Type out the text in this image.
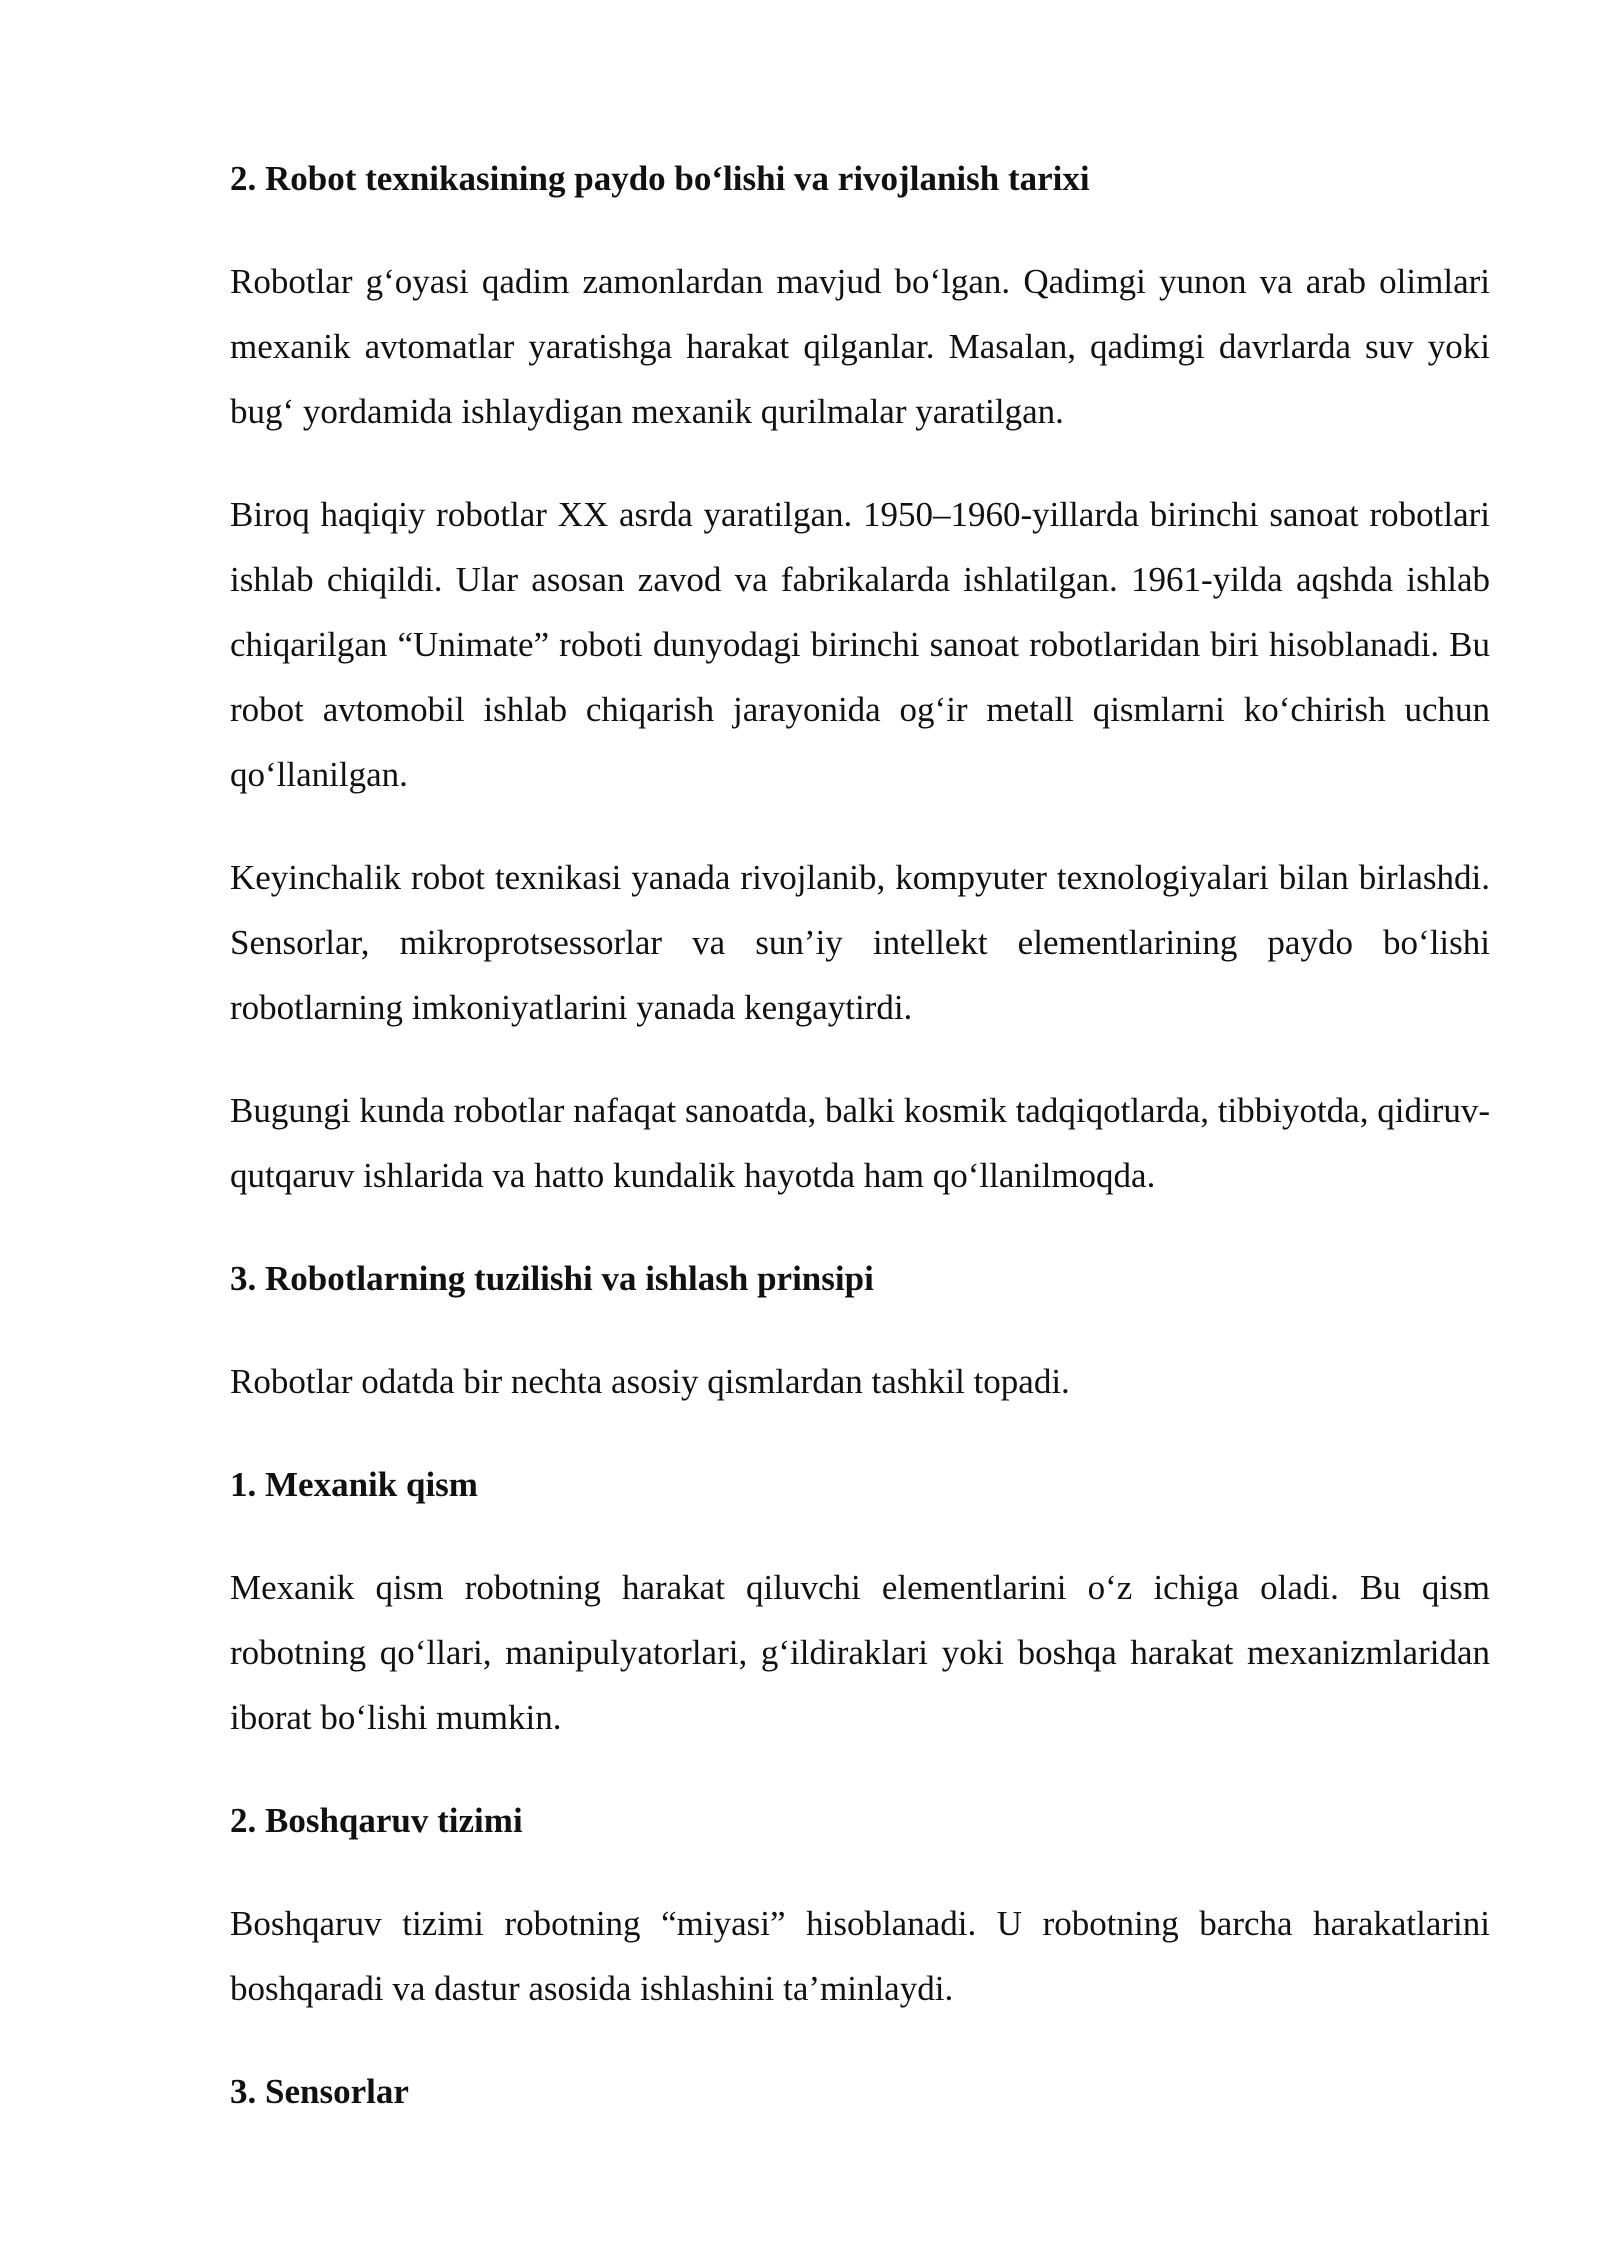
2. Robot texnikasining paydo bo‘lishi va rivojlanish tarixi

Robotlar g‘oyasi qadim zamonlardan mavjud bo‘lgan. Qadimgi yunon va arab olimlari mexanik avtomatlar yaratishga harakat qilganlar. Masalan, qadimgi davrlarda suv yoki bug‘ yordamida ishlaydigan mexanik qurilmalar yaratilgan.

Biroq haqiqiy robotlar XX asrda yaratilgan. 1950–1960-yillarda birinchi sanoat robotlari ishlab chiqildi. Ular asosan zavod va fabrikalarda ishlatilgan. 1961-yilda aqshda ishlab chiqarilgan “Unimate” roboti dunyodagi birinchi sanoat robotlaridan biri hisoblanadi. Bu robot avtomobil ishlab chiqarish jarayonida og‘ir metall qismlarni ko‘chirish uchun qo‘llanilgan.

Keyinchalik robot texnikasi yanada rivojlanib, kompyuter texnologiyalari bilan birlashdi. Sensorlar, mikroprotsessorlar va sun’iy intellekt elementlarining paydo bo‘lishi robotlarning imkoniyatlarini yanada kengaytirdi.

Bugungi kunda robotlar nafaqat sanoatda, balki kosmik tadqiqotlarda, tibbiyotda, qidiruv-qutqaruv ishlarida va hatto kundalik hayotda ham qo‘llanilmoqda.

3. Robotlarning tuzilishi va ishlash prinsipi

Robotlar odatda bir nechta asosiy qismlardan tashkil topadi.

1. Mexanik qism

Mexanik qism robotning harakat qiluvchi elementlarini o‘z ichiga oladi. Bu qism robotning qo‘llari, manipulyatorlari, g‘ildiraklari yoki boshqa harakat mexanizmlaridan iborat bo‘lishi mumkin.

2. Boshqaruv tizimi

Boshqaruv tizimi robotning “miyasi” hisoblanadi. U robotning barcha harakatlarini boshqaradi va dastur asosida ishlashini ta’minlaydi.

3. Sensorlar
